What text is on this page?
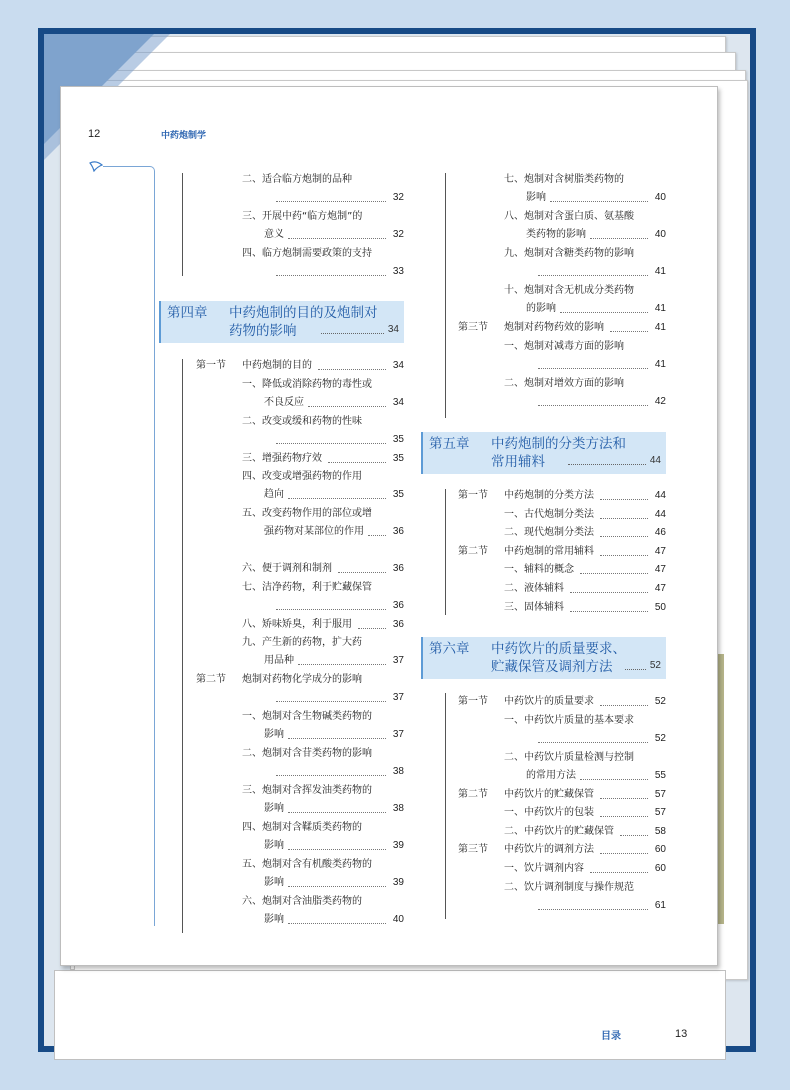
目录	13
12	中药炮制学
二、适合临方炮制的品种
32
三、开展中药“临方炮制”的
意义	32
四、临方炮制需要政策的支持
33
第四章 中药炮制的目的及炮制对
药物的影响	34
第一节 中药炮制的目的	34
一、降低或消除药物的毒性或
不良反应	34
二、改变或缓和药物的性味
35
三、增强药物疗效	35
四、改变或增强药物的作用
趋向	35
五、改变药物作用的部位或增
强药物对某部位的作用	36
六、便于调剂和制剂	36
七、洁净药物，利于贮藏保管
36
八、矫味矫臭，利于服用	36
九、产生新的药物，扩大药
用品种	37
第二节 炮制对药物化学成分的影响
37
一、炮制对含生物碱类药物的
影响	37
二、炮制对含苷类药物的影响
38
三、炮制对含挥发油类药物的
影响	38
四、炮制对含鞣质类药物的
影响	39
五、炮制对含有机酸类药物的
影响	39
六、炮制对含油脂类药物的
影响	40
七、炮制对含树脂类药物的
影响	40
八、炮制对含蛋白质、氨基酸
类药物的影响	40
九、炮制对含糖类药物的影响
41
十、炮制对含无机成分类药物
的影响	41
第三节 炮制对药物药效的影响	41
一、炮制对减毒方面的影响
41
二、炮制对增效方面的影响
42
第五章 中药炮制的分类方法和
常用辅料	44
第一节 中药炮制的分类方法	44
一、古代炮制分类法	44
二、现代炮制分类法	46
第二节 中药炮制的常用辅料	47
一、辅料的概念	47
二、液体辅料	47
三、固体辅料	50
第六章 中药饮片的质量要求、
贮藏保管及调剂方法	52
第一节 中药饮片的质量要求	52
一、中药饮片质量的基本要求
52
二、中药饮片质量检测与控制
的常用方法	55
第二节 中药饮片的贮藏保管	57
一、中药饮片的包装	57
二、中药饮片的贮藏保管	58
第三节 中药饮片的调剂方法	60
一、饮片调剂内容	60
二、饮片调剂制度与操作规范
61
